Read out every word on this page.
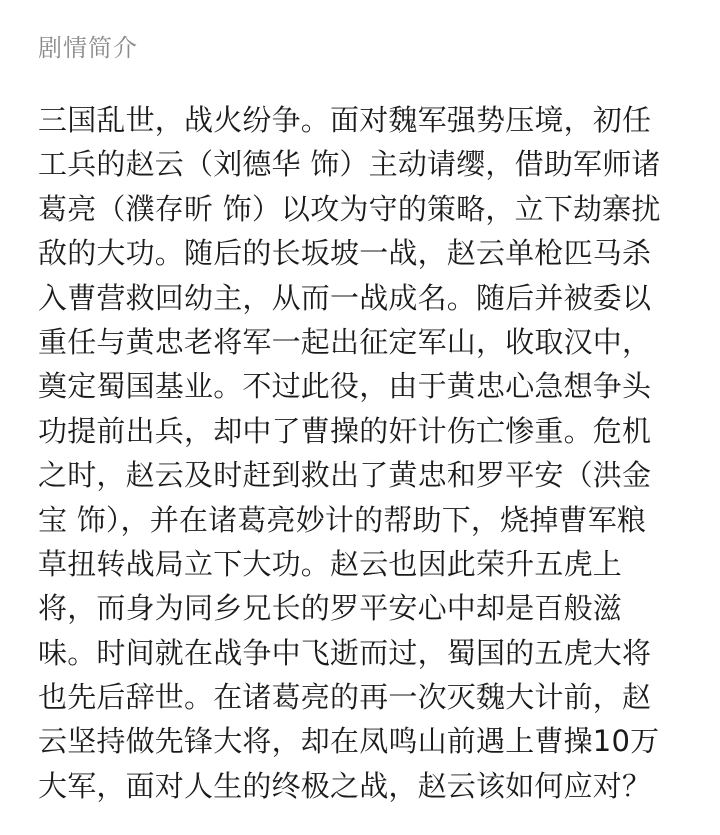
剧情简介
三国乱世，战火纷争。面对魏军强势压境，初任
工兵的赵云（刘德华 饰）主动请缨，借助军师诸
葛亮（濮存昕 饰）以攻为守的策略，立下劫寨扰
敌的大功。随后的长坂坡一战，赵云单枪匹马杀
入曹营救回幼主，从而一战成名。随后并被委以
重任与黄忠老将军一起出征定军山，收取汉中，
奠定蜀国基业。不过此役，由于黄忠心急想争头
功提前出兵，却中了曹操的奸计伤亡惨重。危机
之时，赵云及时赶到救出了黄忠和罗平安（洪金
宝 饰），并在诸葛亮妙计的帮助下，烧掉曹军粮
草扭转战局立下大功。赵云也因此荣升五虎上
将，而身为同乡兄长的罗平安心中却是百般滋
味。时间就在战争中飞逝而过，蜀国的五虎大将
也先后辞世。在诸葛亮的再一次灭魏大计前，赵
云坚持做先锋大将，却在凤鸣山前遇上曹操10万
大军，面对人生的终极之战，赵云该如何应对？
